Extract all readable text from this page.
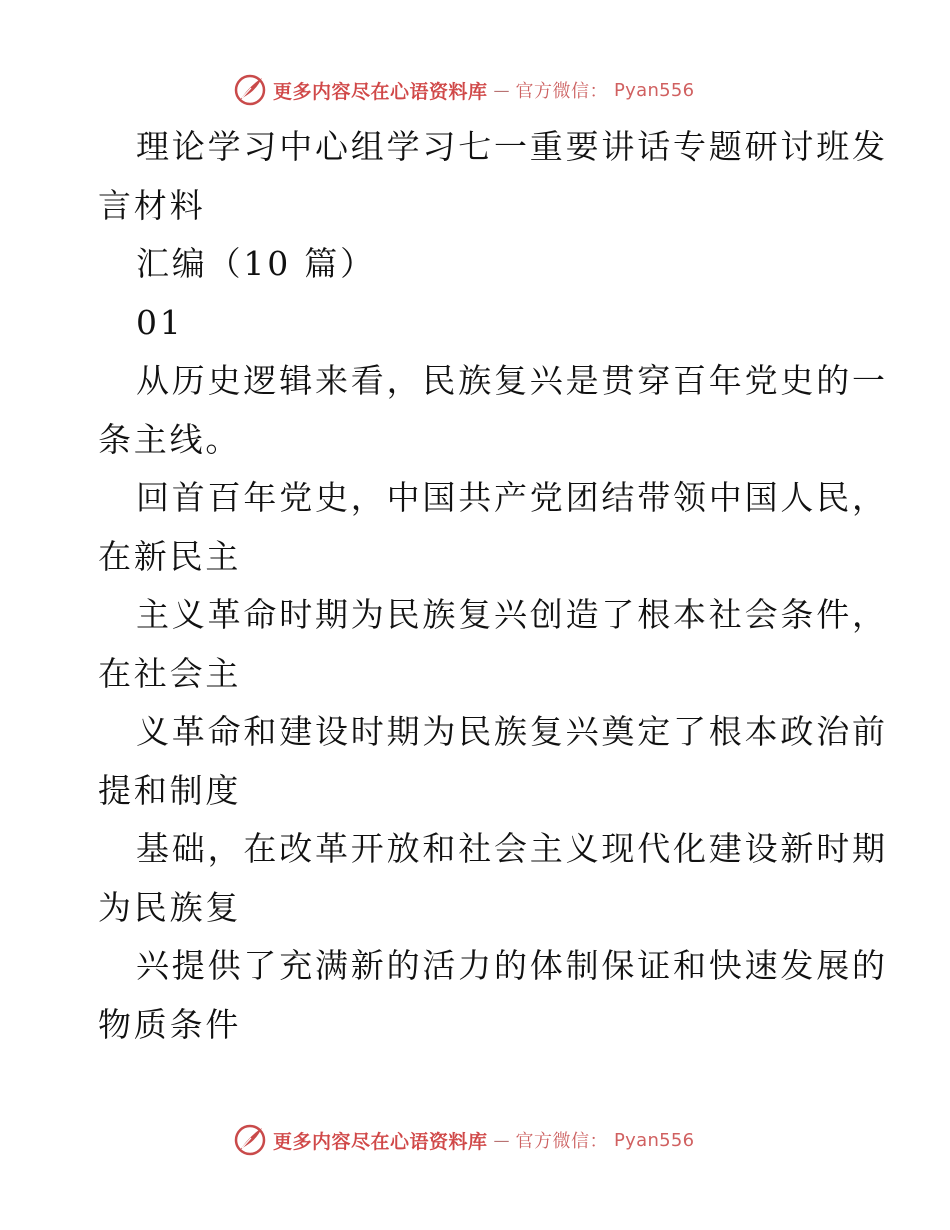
更多内容尽在心语资料库 — 官方微信： Pyan556
理论学习中心组学习七一重要讲话专题研讨班发
言材料
汇编（10 篇）
01
从历史逻辑来看，民族复兴是贯穿百年党史的一
条主线。
回首百年党史，中国共产党团结带领中国人民，
在新民主
主义革命时期为民族复兴创造了根本社会条件，
在社会主
义革命和建设时期为民族复兴奠定了根本政治前
提和制度
基础，在改革开放和社会主义现代化建设新时期
为民族复
兴提供了充满新的活力的体制保证和快速发展的
物质条件
更多内容尽在心语资料库 — 官方微信： Pyan556
